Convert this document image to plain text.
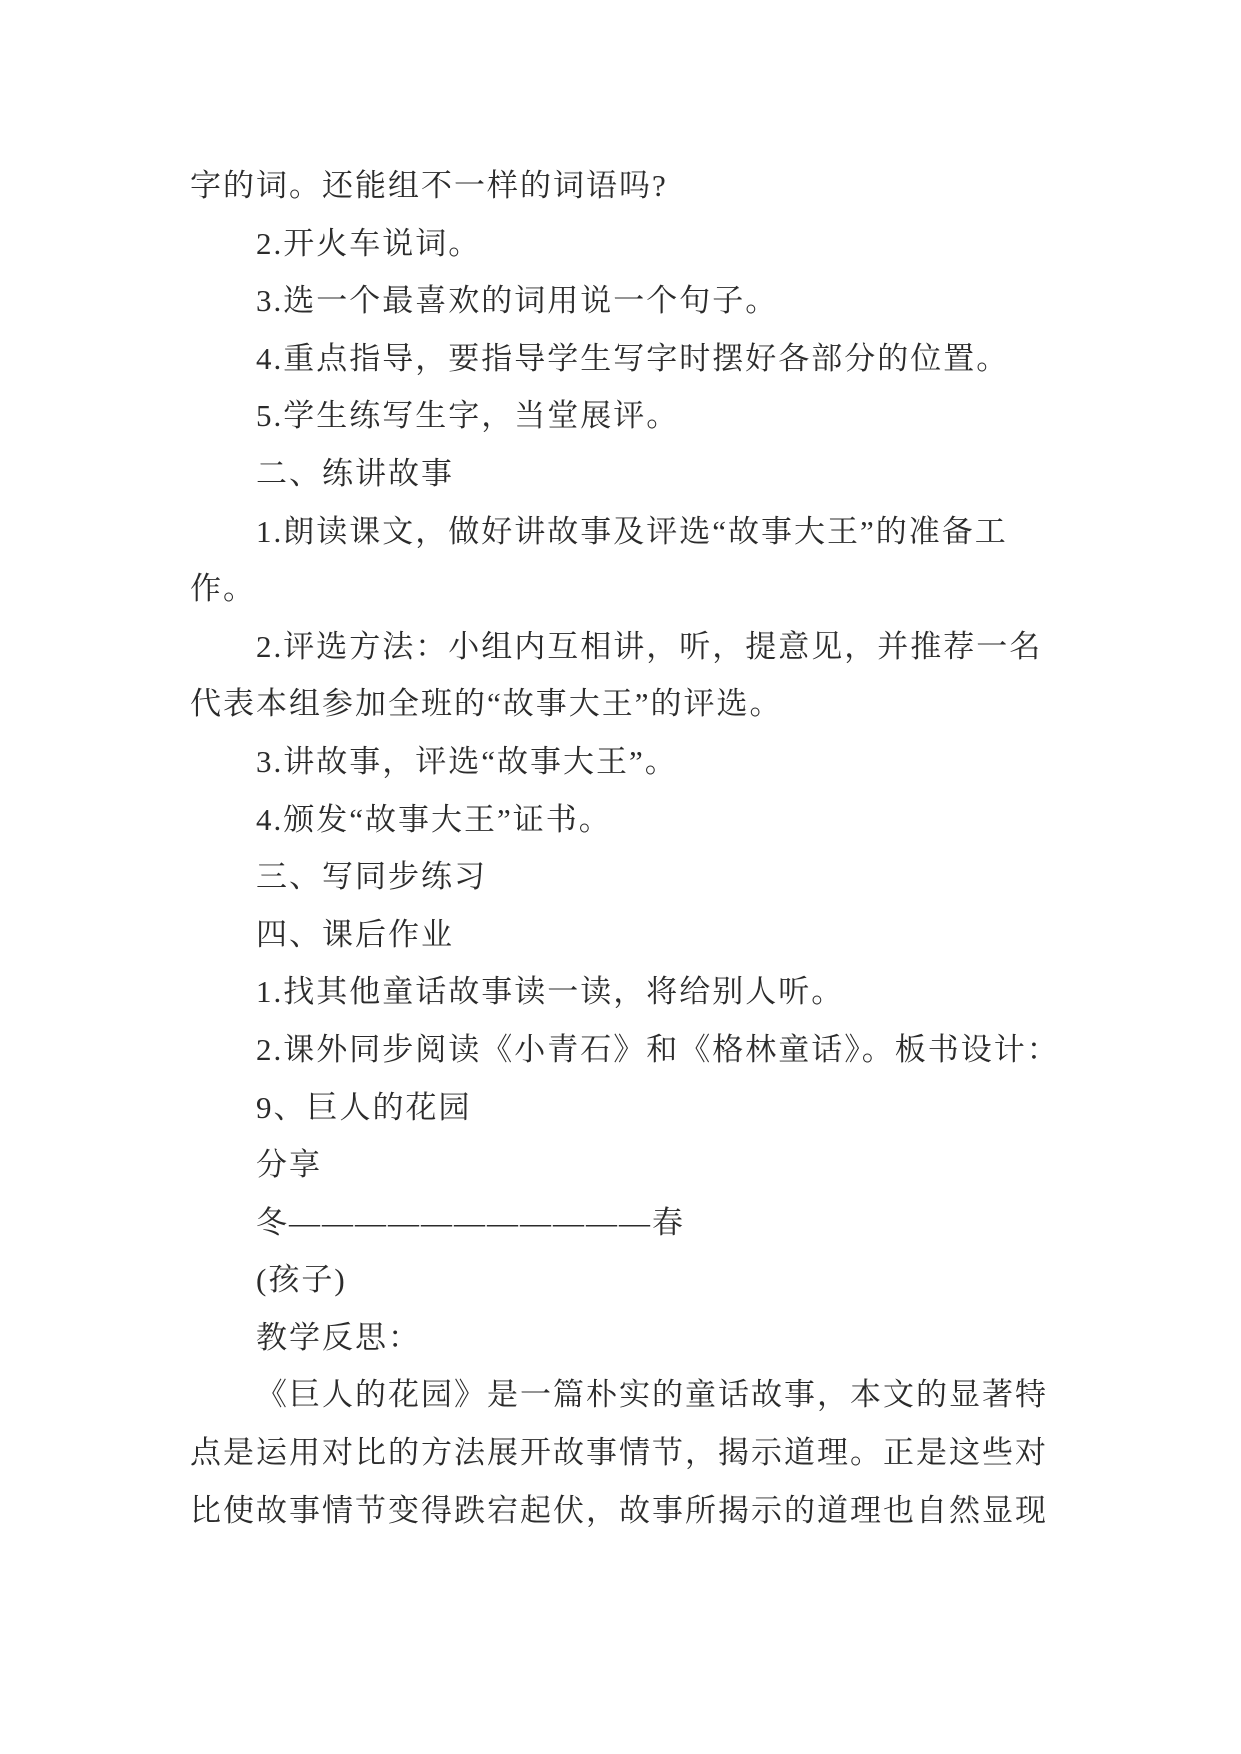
字的词。还能组不一样的词语吗?

2.开火车说词。

3.选一个最喜欢的词用说一个句子。

4.重点指导，要指导学生写字时摆好各部分的位置。

5.学生练写生字，当堂展评。

二、练讲故事

1.朗读课文，做好讲故事及评选“故事大王”的准备工

作。

2.评选方法：小组内互相讲，听，提意见，并推荐一名

代表本组参加全班的“故事大王”的评选。

3.讲故事，评选“故事大王”。

4.颁发“故事大王”证书。

三、写同步练习

四、课后作业

1.找其他童话故事读一读，将给别人听。

2.课外同步阅读《小青石》和《格林童话》。板书设计：

9、巨人的花园

分享

冬———————————春

(孩子)

教学反思：

《巨人的花园》是一篇朴实的童话故事，本文的显著特

点是运用对比的方法展开故事情节，揭示道理。正是这些对

比使故事情节变得跌宕起伏，故事所揭示的道理也自然显现
